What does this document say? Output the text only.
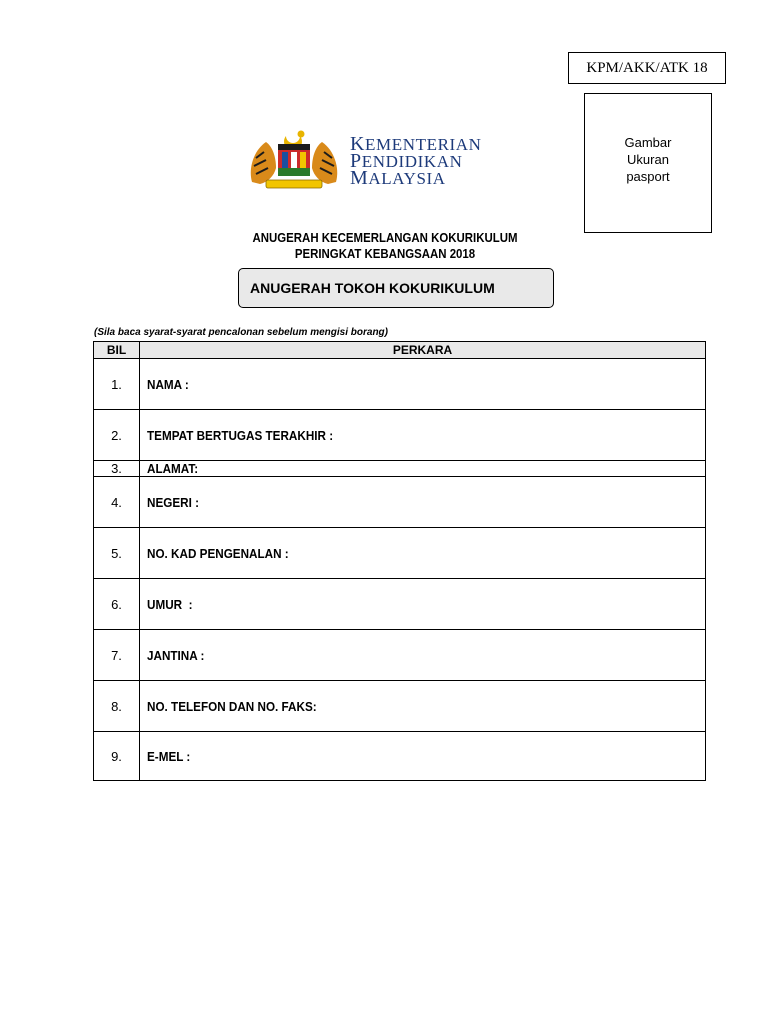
KPM/AKK/ATK 18
Gambar
Ukuran
pasport
KEMENTERIAN
PENDIDIKAN
MALAYSIA
ANUGERAH KECEMERLANGAN KOKURIKULUM
PERINGKAT KEBANGSAAN 2018
ANUGERAH TOKOH KOKURIKULUM
(Sila baca syarat-syarat pencalonan sebelum mengisi borang)
BIL	PERKARA
1.	NAMA :
2.	TEMPAT BERTUGAS TERAKHIR :
3.	ALAMAT:
4.	NEGERI :
5.	NO. KAD PENGENALAN :
6.	UMUR  :
7.	JANTINA :
8.	NO. TELEFON DAN NO. FAKS:
9.	E-MEL :
